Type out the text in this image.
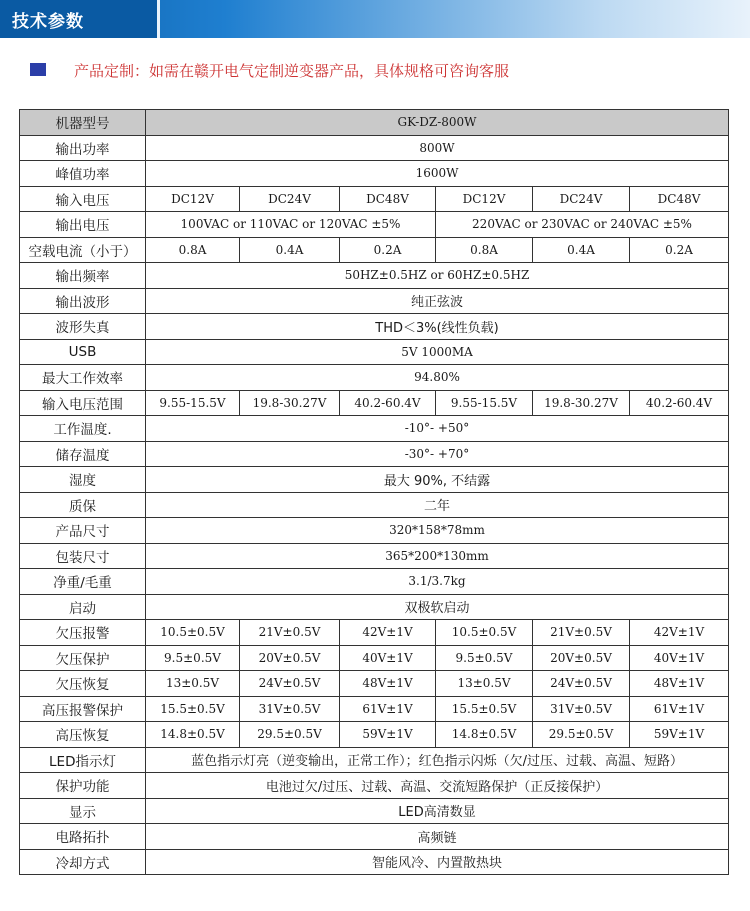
技术参数
产品定制：如需在赣开电气定制逆变器产品，具体规格可咨询客服
机器型号	GK-DZ-800W					
输出功率	800W					
峰值功率	1600W					
输入电压	DC12V	DC24V	DC48V	DC12V	DC24V	DC48V
输出电压	100VAC or 110VAC or 120VAC ±5%			220VAC or 230VAC or 240VAC ±5%		
空载电流（小于）	0.8A	0.4A	0.2A	0.8A	0.4A	0.2A
输出频率	50HZ±0.5HZ or 60HZ±0.5HZ					
输出波形	纯正弦波					
波形失真	THD＜3%(线性负载)					
USB	5V 1000MA					
最大工作效率	94.80%					
输入电压范围	9.55-15.5V	19.8-30.27V	40.2-60.4V	9.55-15.5V	19.8-30.27V	40.2-60.4V
工作温度.	-10°- +50°					
储存温度	-30°- +70°					
湿度	最大 90%, 不结露					
质保	二年					
产品尺寸	320*158*78mm					
包装尺寸	365*200*130mm					
净重/毛重	3.1/3.7kg					
启动	双极软启动					
欠压报警	10.5±0.5V	21V±0.5V	42V±1V	10.5±0.5V	21V±0.5V	42V±1V
欠压保护	9.5±0.5V	20V±0.5V	40V±1V	9.5±0.5V	20V±0.5V	40V±1V
欠压恢复	13±0.5V	24V±0.5V	48V±1V	13±0.5V	24V±0.5V	48V±1V
高压报警保护	15.5±0.5V	31V±0.5V	61V±1V	15.5±0.5V	31V±0.5V	61V±1V
高压恢复	14.8±0.5V	29.5±0.5V	59V±1V	14.8±0.5V	29.5±0.5V	59V±1V
LED指示灯	蓝色指示灯亮（逆变输出，正常工作）；红色指示闪烁（欠/过压、过载、高温、短路）					
保护功能	电池过欠/过压、过载、高温、交流短路保护（正反接保护）					
显示	LED高清数显					
电路拓扑	高频链					
冷却方式	智能风冷、内置散热块					
